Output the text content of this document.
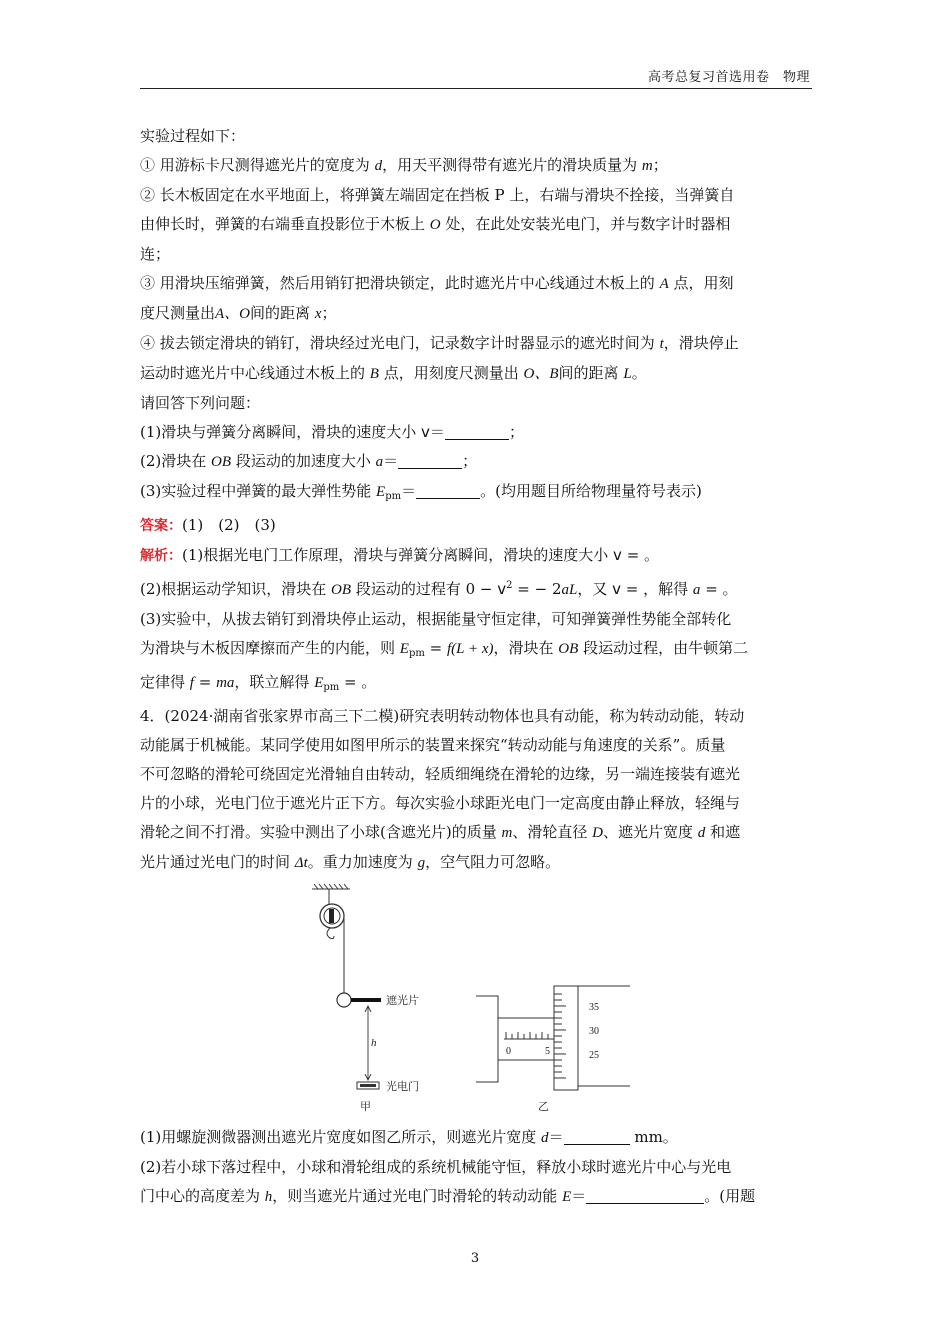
高考总复习首选用卷　物理

实验过程如下：

① 用游标卡尺测得遮光片的宽度为 d，用天平测得带有遮光片的滑块质量为 m；

② 长木板固定在水平地面上，将弹簧左端固定在挡板 P 上，右端与滑块不拴接，当弹簧自

由伸长时，弹簧的右端垂直投影位于木板上 O 处，在此处安装光电门，并与数字计时器相

连；

③ 用滑块压缩弹簧，然后用销钉把滑块锁定，此时遮光片中心线通过木板上的 A 点，用刻

度尺测量出A、O间的距离 x；

④ 拔去锁定滑块的销钉，滑块经过光电门，记录数字计时器显示的遮光时间为 t，滑块停止

运动时遮光片中心线通过木板上的 B 点，用刻度尺测量出 O、B间的距离 L。

请回答下列问题：

(1)滑块与弹簧分离瞬间，滑块的速度大小 v＝	；

(2)滑块在 OB 段运动的加速度大小 a＝	；

(3)实验过程中弹簧的最大弹性势能 $E_{pm}=$	。(均用题目所给物理量符号表示)

答案：(1)　(2)　(3)

解析：(1)根据光电门工作原理，滑块与弹簧分离瞬间，滑块的速度大小 v = 。

(2)根据运动学知识，滑块在 OB 段运动的过程有 $0 - v^2$ = − 2aL，又 v = ，解得 a = 。

(3)实验中，从拔去销钉到滑块停止运动，根据能量守恒定律，可知弹簧弹性势能全部转化

为滑块与木板因摩擦而产生的内能，则 $E_{pm} = f(L + x)$，滑块在 OB 段运动过程，由牛顿第二

定律得 f = ma，联立解得 $E_{pm}$ = 。

4．(2024·湖南省张家界市高三下二模)研究表明转动物体也具有动能，称为转动动能，转动

动能属于机械能。某同学使用如图甲所示的装置来探究“转动动能与角速度的关系”。质量

不可忽略的滑轮可绕固定光滑轴自由转动，轻质细绳绕在滑轮的边缘，另一端连接装有遮光

片的小球，光电门位于遮光片正下方。每次实验小球距光电门一定高度由静止释放，轻绳与

滑轮之间不打滑。实验中测出了小球(含遮光片)的质量 m、滑轮直径 D、遮光片宽度 d 和遮

光片通过光电门的时间 Δt。重力加速度为 g，空气阻力可忽略。

遮光片
h
光电门
甲
0	5
35
30
25
乙

(1)用螺旋测微器测出遮光片宽度如图乙所示，则遮光片宽度 d＝	mm。

(2)若小球下落过程中，小球和滑轮组成的系统机械能守恒，释放小球时遮光片中心与光电

门中心的高度差为 h，则当遮光片通过光电门时滑轮的转动动能 E＝	。(用题

3
